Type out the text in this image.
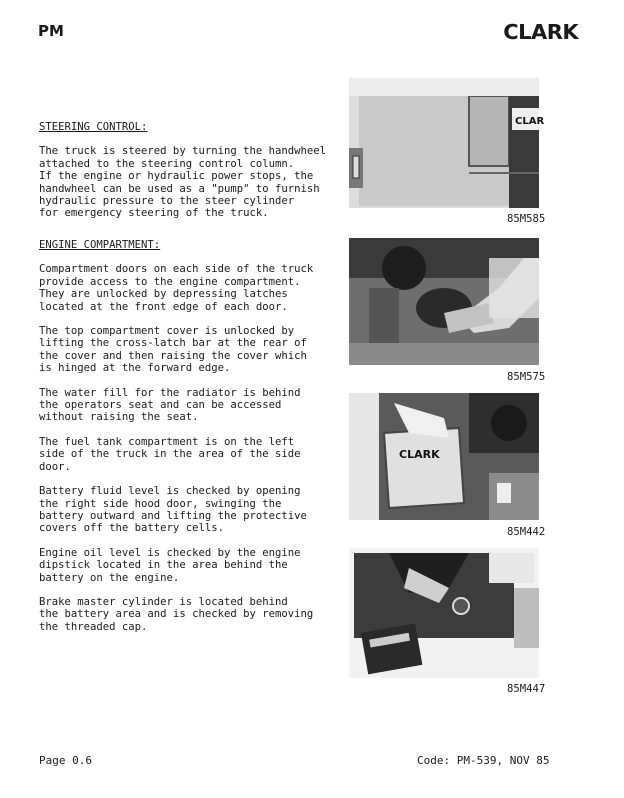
PM	CLARK

STEERING CONTROL:

The truck is steered by turning the handwheel
attached to the steering control column.
If the engine or hydraulic power stops, the
handwheel can be used as a "pump" to furnish
hydraulic pressure to the steer cylinder
for emergency steering of the truck.

ENGINE COMPARTMENT:

Compartment doors on each side of the truck
provide access to the engine compartment.
They are unlocked by depressing latches
located at the front edge of each door.

The top compartment cover is unlocked by
lifting the cross-latch bar at the rear of
the cover and then raising the cover which
is hinged at the forward edge.

The water fill for the radiator is behind
the operators seat and can be accessed
without raising the seat.

The fuel tank compartment is on the left
side of the truck in the area of the side
door.

Battery fluid level is checked by opening
the right side hood door, swinging the
battery outward and lifting the protective
covers off the battery cells.

Engine oil level is checked by the engine
dipstick located in the area behind the
battery on the engine.

Brake master cylinder is located behind
the battery area and is checked by removing
the threaded cap.

CLAR
85M585
85M575
CLARK
85M442
85M447
Page 0.6	Code: PM-539, NOV 85
